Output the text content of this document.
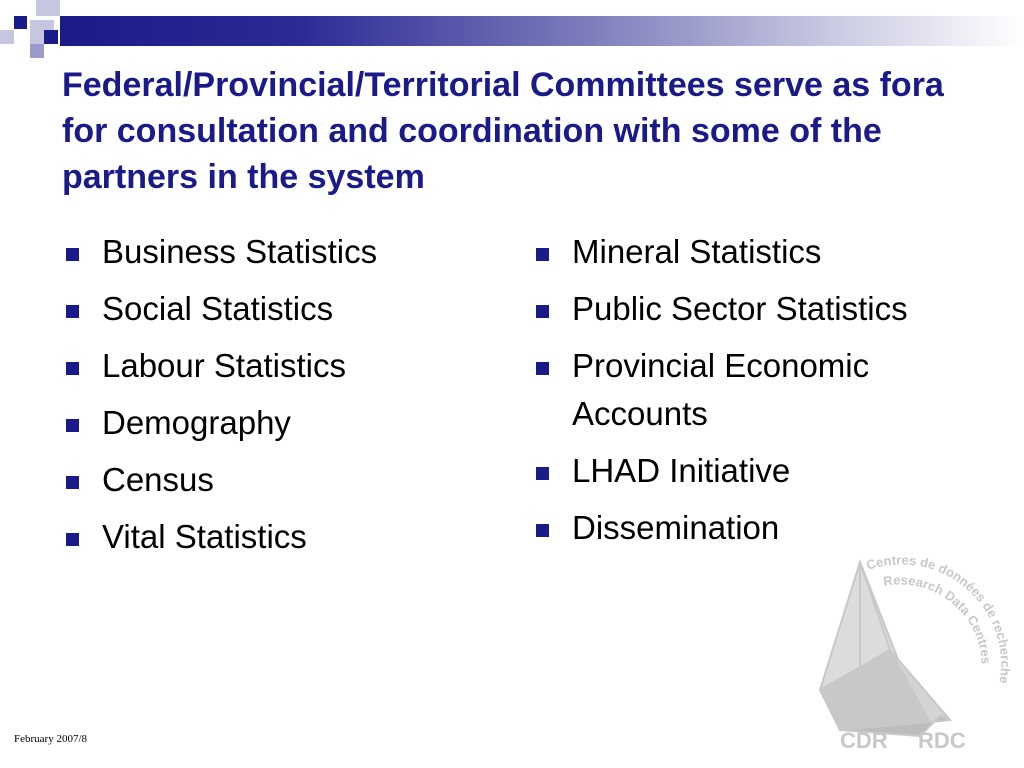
Federal/Provincial/Territorial Committees serve as fora for consultation and coordination with some of the partners in the system
Business Statistics
Social Statistics
Labour Statistics
Demography
Census
Vital Statistics
Mineral Statistics
Public Sector Statistics
Provincial Economic Accounts
LHAD Initiative
Dissemination
Centres de données de recherche
Research Data Centres
CDR RDC
February 2007/8
